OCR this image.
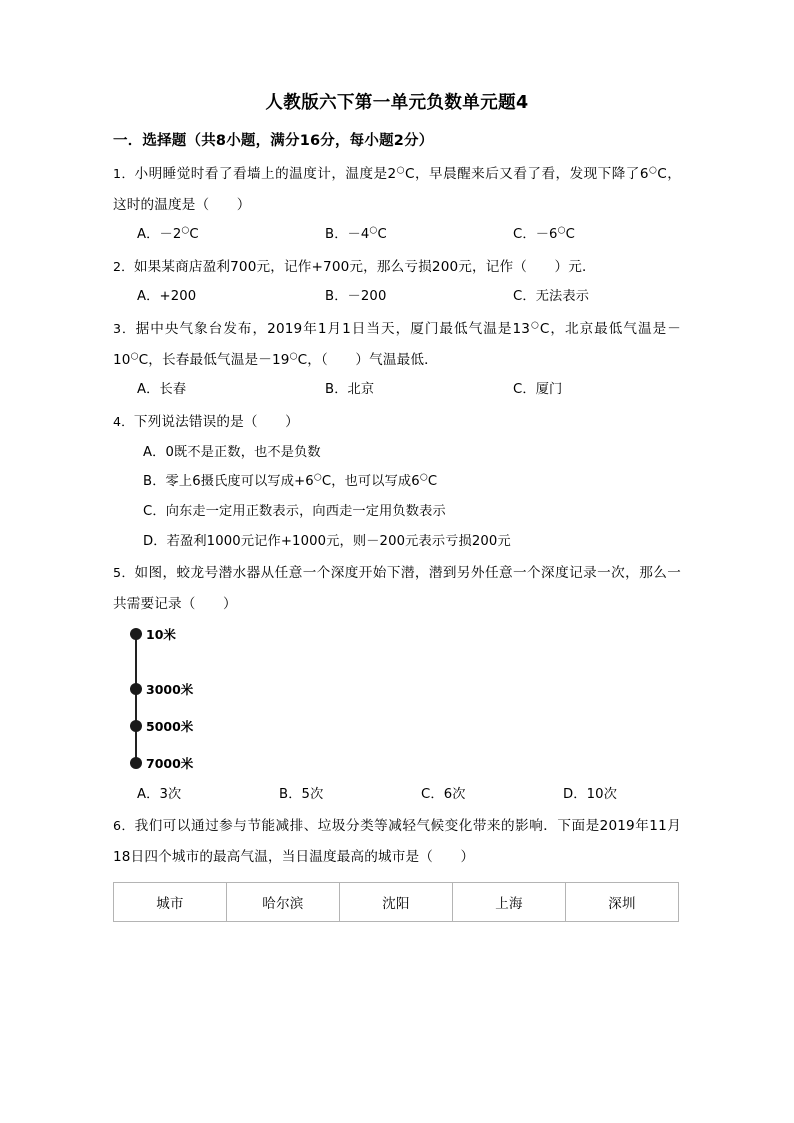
人教版六下第一单元负数单元题4
一．选择题（共8小题，满分16分，每小题2分）
1．小明睡觉时看了看墙上的温度计，温度是2○C，早晨醒来后又看了看，发现下降了6○C，这时的温度是（　　）
A．－2○C	B．－4○C	C．－6○C
2．如果某商店盈利700元，记作+700元，那么亏损200元，记作（　　）元．
A．+200	B．－200	C．无法表示
3．据中央气象台发布，2019年1月1日当天，厦门最低气温是13○C，北京最低气温是－10○C，长春最低气温是－19○C，（　　）气温最低．
A．长春	B．北京	C．厦门
4．下列说法错误的是（　　）
A．0既不是正数，也不是负数
B．零上6摄氏度可以写成+6○C，也可以写成6○C
C．向东走一定用正数表示，向西走一定用负数表示
D．若盈利1000元记作+1000元，则－200元表示亏损200元
5．如图，蛟龙号潜水器从任意一个深度开始下潜，潜到另外任意一个深度记录一次，那么一共需要记录（　　）
10米
3000米
5000米
7000米
A．3次	B．5次	C．6次	D．10次
6．我们可以通过参与节能减排、垃圾分类等减轻气候变化带来的影响．下面是2019年11月18日四个城市的最高气温，当日温度最高的城市是（　　）
城市	哈尔滨	沈阳	上海	深圳
